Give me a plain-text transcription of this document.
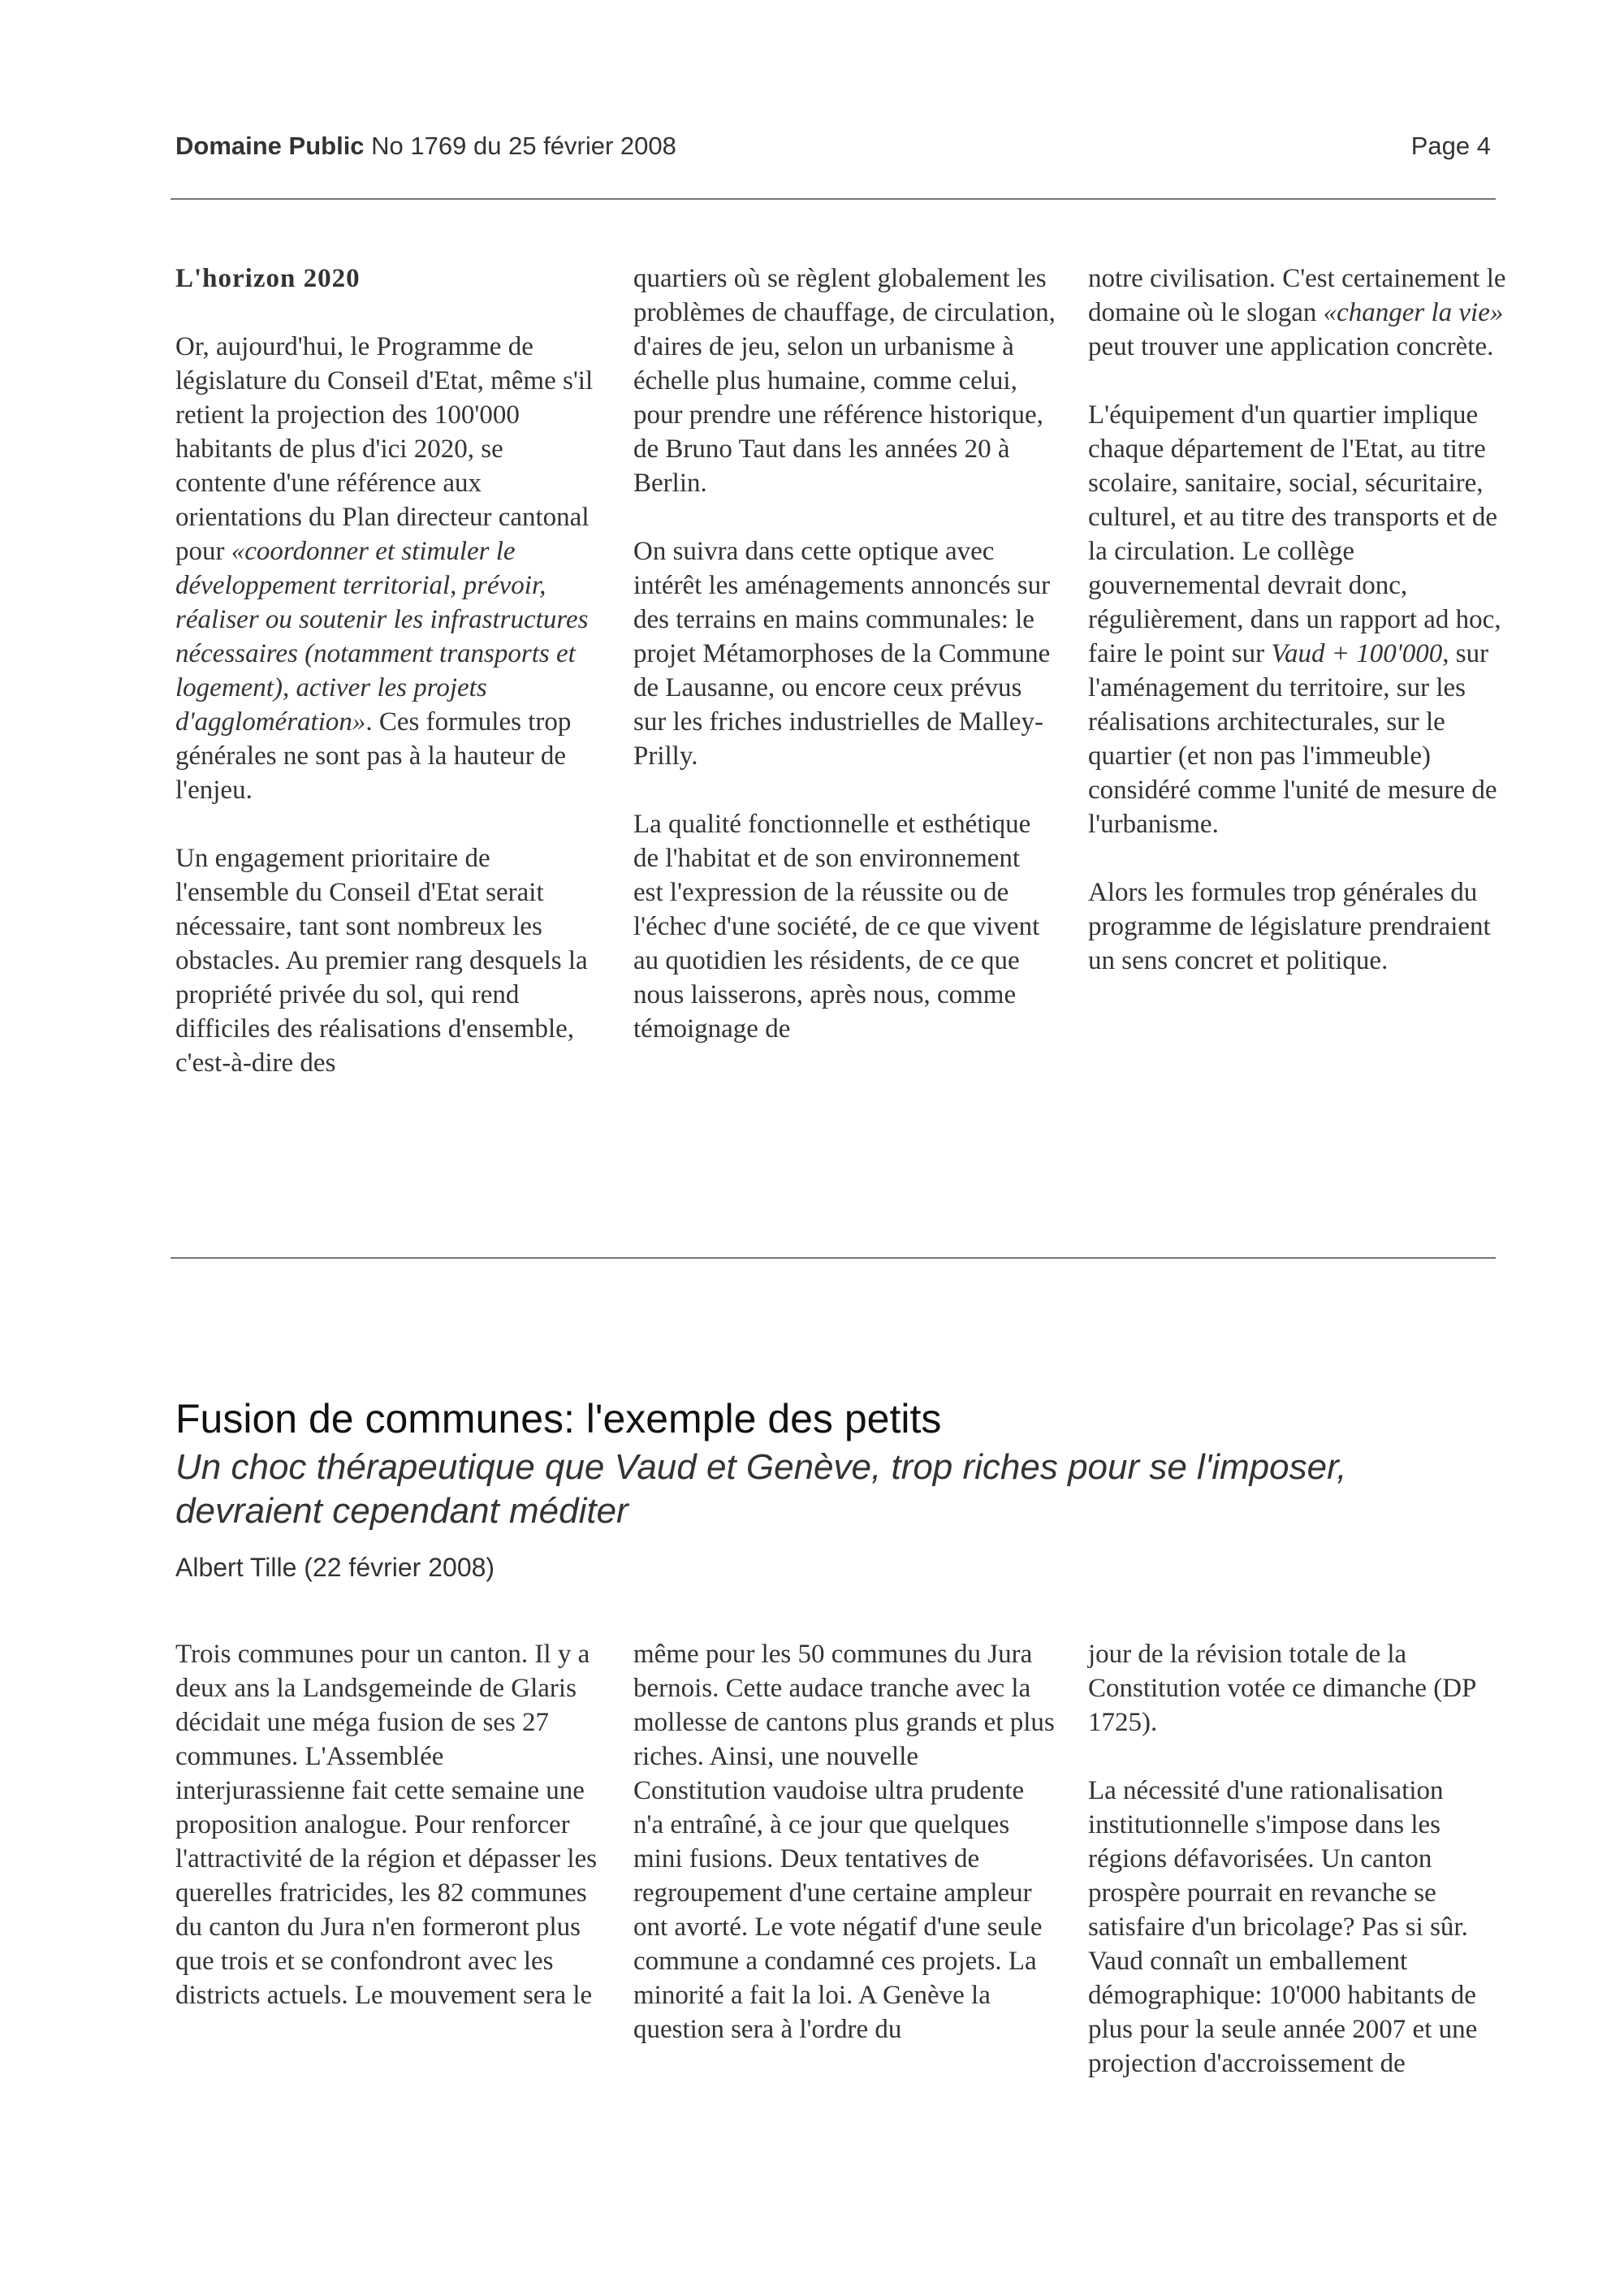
Domaine Public No 1769 du 25 février 2008	Page 4

L'horizon 2020

Or, aujourd'hui, le Programme de législature du Conseil d'Etat, même s'il retient la projection des 100'000 habitants de plus d'ici 2020, se contente d'une référence aux orientations du Plan directeur cantonal pour «coordonner et stimuler le développement territorial, prévoir, réaliser ou soutenir les infrastructures nécessaires (notamment transports et logement), activer les projets d'agglomération». Ces formules trop générales ne sont pas à la hauteur de l'enjeu.

Un engagement prioritaire de l'ensemble du Conseil d'Etat serait nécessaire, tant sont nombreux les obstacles. Au premier rang desquels la propriété privée du sol, qui rend difficiles des réalisations d'ensemble, c'est-à-dire des

quartiers où se règlent globalement les problèmes de chauffage, de circulation, d'aires de jeu, selon un urbanisme à échelle plus humaine, comme celui, pour prendre une référence historique, de Bruno Taut dans les années 20 à Berlin.

On suivra dans cette optique avec intérêt les aménagements annoncés sur des terrains en mains communales: le projet Métamorphoses de la Commune de Lausanne, ou encore ceux prévus sur les friches industrielles de Malley-Prilly.

La qualité fonctionnelle et esthétique de l'habitat et de son environnement est l'expression de la réussite ou de l'échec d'une société, de ce que vivent au quotidien les résidents, de ce que nous laisserons, après nous, comme témoignage de

notre civilisation. C'est certainement le domaine où le slogan «changer la vie» peut trouver une application concrète.

L'équipement d'un quartier implique chaque département de l'Etat, au titre scolaire, sanitaire, social, sécuritaire, culturel, et au titre des transports et de la circulation. Le collège gouvernemental devrait donc, régulièrement, dans un rapport ad hoc, faire le point sur Vaud + 100'000, sur l'aménagement du territoire, sur les réalisations architecturales, sur le quartier (et non pas l'immeuble) considéré comme l'unité de mesure de l'urbanisme.

Alors les formules trop générales du programme de législature prendraient un sens concret et politique.

Fusion de communes: l'exemple des petits
Un choc thérapeutique que Vaud et Genève, trop riches pour se l'imposer, devraient cependant méditer
Albert Tille (22 février 2008)

Trois communes pour un canton. Il y a deux ans la Landsgemeinde de Glaris décidait une méga fusion de ses 27 communes. L'Assemblée interjurassienne fait cette semaine une proposition analogue. Pour renforcer l'attractivité de la région et dépasser les querelles fratricides, les 82 communes du canton du Jura n'en formeront plus que trois et se confondront avec les districts actuels. Le mouvement sera le

même pour les 50 communes du Jura bernois. Cette audace tranche avec la mollesse de cantons plus grands et plus riches. Ainsi, une nouvelle Constitution vaudoise ultra prudente n'a entraîné, à ce jour que quelques mini fusions. Deux tentatives de regroupement d'une certaine ampleur ont avorté. Le vote négatif d'une seule commune a condamné ces projets. La minorité a fait la loi. A Genève la question sera à l'ordre du

jour de la révision totale de la Constitution votée ce dimanche (DP 1725).

La nécessité d'une rationalisation institutionnelle s'impose dans les régions défavorisées. Un canton prospère pourrait en revanche se satisfaire d'un bricolage? Pas si sûr. Vaud connaît un emballement démographique: 10'000 habitants de plus pour la seule année 2007 et une projection d'accroissement de
